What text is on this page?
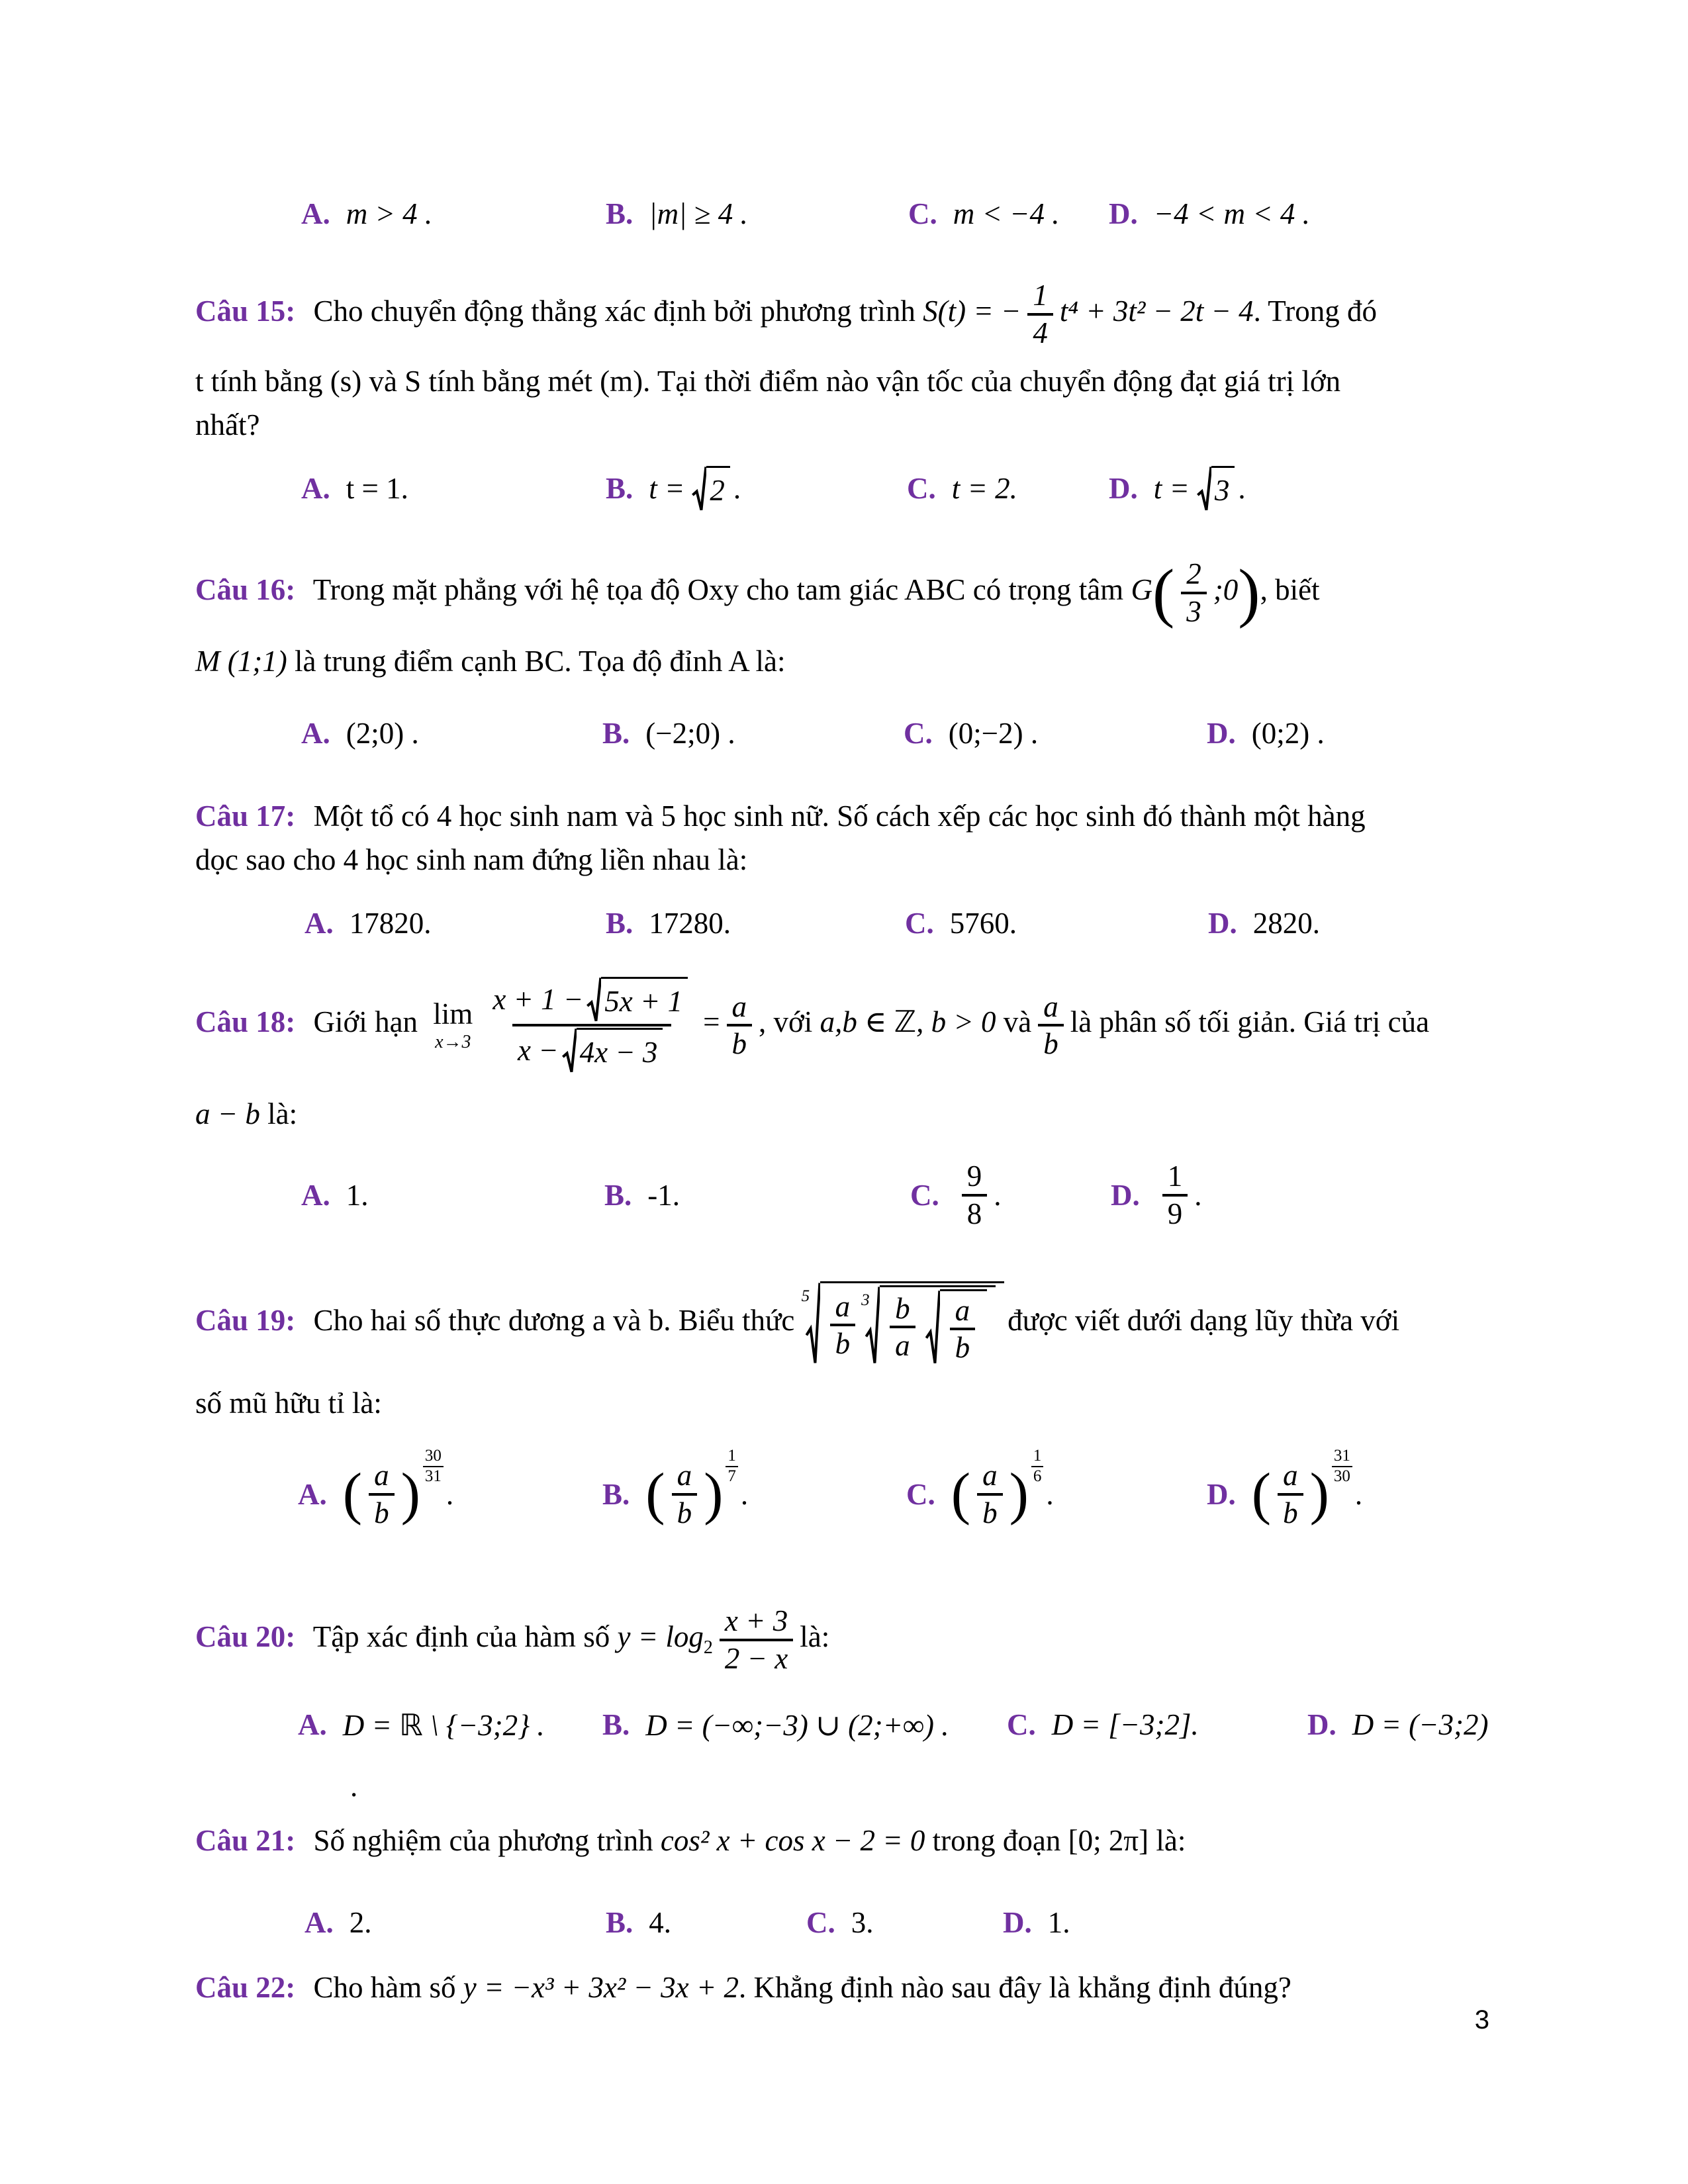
A. m > 4 .	B. |m| ≥ 4 .	C. m < −4 . D. −4 < m < 4 .
Câu 15: Cho chuyển động thẳng xác định bởi phương trình S(t) = − $\frac{1}{4} t^4 + 3t^2 - 2t - 4$. Trong đó
t tính bằng (s) và S tính bằng mét (m). Tại thời điểm nào vận tốc của chuyển động đạt giá trị lớn
nhất?
A. t = 1.	B. t = 2 .	C. t = 2.	D. t = 3 .
Câu 16: Trong mặt phẳng với hệ tọa độ Oxy cho tam giác ABC có trọng tâm $G( \frac{2}{3}$ ;0), biết
M (1;1) là trung điểm cạnh BC. Tọa độ đỉnh A là:
A. (2;0) .	B. (−2;0) .	C. (0;−2) .	D. (0;2) .
Câu 17: Một tổ có 4 học sinh nam và 5 học sinh nữ. Số cách xếp các học sinh đó thành một hàng
dọc sao cho 4 học sinh nam đứng liền nhau là:
A. 17820.	B. 17280.	C. 5760.	D. 2820.
Câu 18: Giới hạn lim
$x\to 3 \frac{x + 1 - 5x + 1}{x - 4x - 3} = \frac{a}{b}$ , với a,b ∈ ℤ, b > 0 và $\frac{a}{b}$ là phân số tối giản. Giá trị của
a − b là:
A. 1.	B. -1.	C. $\frac{9}{8}$ .	D. $\frac{1}{9}$ .
Câu 19: Cho hai số thực dương a và b. Biểu thức
$5 \frac{a}{b} 3 \frac{b}{a} \frac{a}{b}$ được viết dưới dạng lũy thừa với
số mũ hữu tỉ là:
A. ( $\frac{a}{b}$ )
30
31
.	B. ( $\frac{a}{b}$ )
1
7
.	C. ( $\frac{a}{b}$ )
1
6
.	D. ( $\frac{a}{b}$ )
31
30
.
Câu 20: Tập xác định của hàm số $y = \log_2 \frac{x + 3}{2 - x}$ là:
A. D = ℝ \ {−3;2} . B. D = (−∞;−3) ∪ (2;+∞) . C. D = [−3;2].	D. D = (−3;2)
.
Câu 21: Số nghiệm của phương trình cos² x + cos x − 2 = 0 trong đoạn [0; 2π] là:
A. 2.	B. 4.	C. 3.	D. 1.
Câu 22: Cho hàm số y = −x³ + 3x² − 3x + 2. Khẳng định nào sau đây là khẳng định đúng?
3
